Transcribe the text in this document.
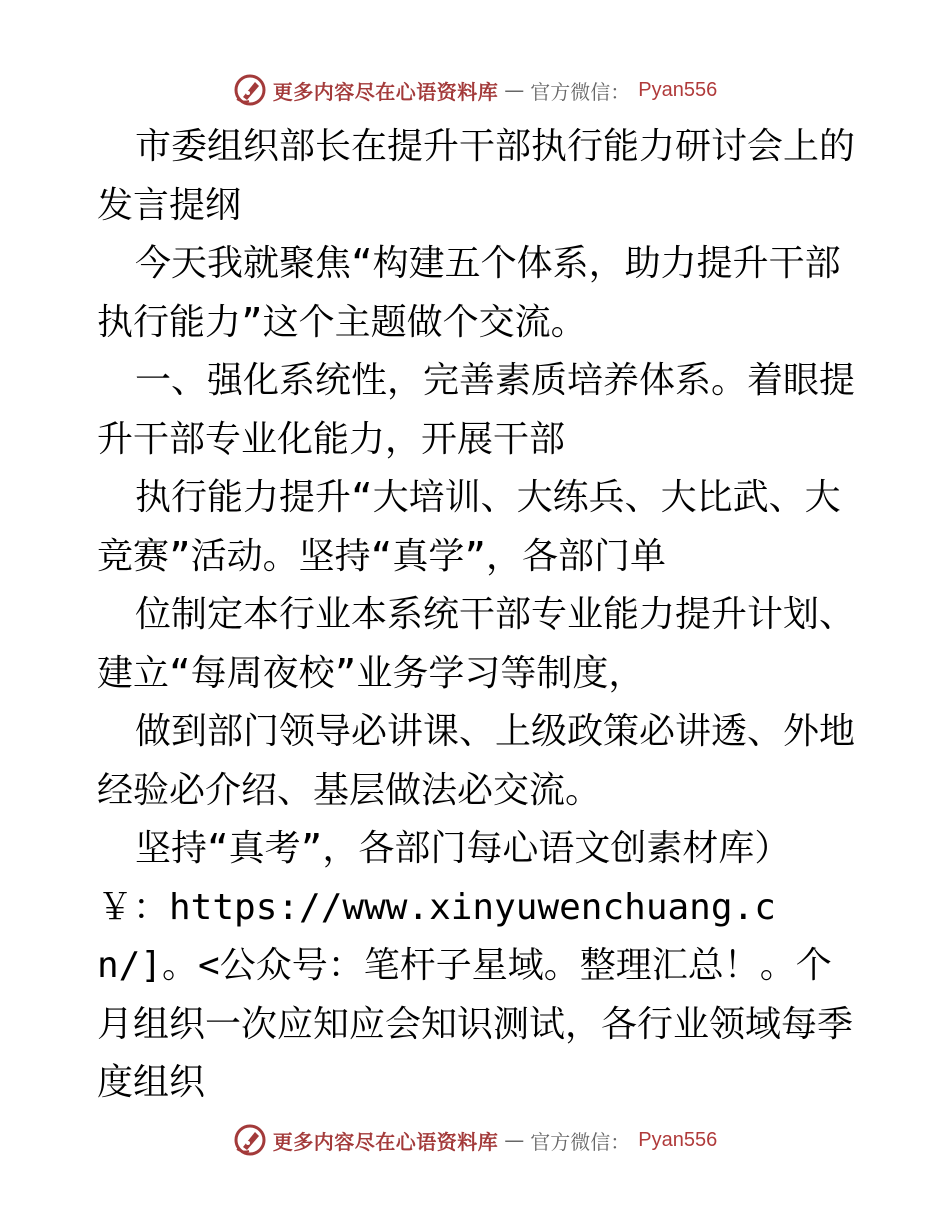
更多内容尽在心语资料库 — 官方微信： Pyan556

市委组织部长在提升干部执行能力研讨会上的发言提纲

今天我就聚焦“构建五个体系，助力提升干部执行能力”这个主题做个交流。

一、强化系统性，完善素质培养体系。着眼提升干部专业化能力，开展干部

执行能力提升“大培训、大练兵、大比武、大竞赛”活动。坚持“真学”，各部门单

位制定本行业本系统干部专业能力提升计划、建立“每周夜校”业务学习等制度，

做到部门领导必讲课、上级政策必讲透、外地经验必介绍、基层做法必交流。

坚持“真考”，各部门每心语文创素材库）￥：https://www.xinyuwenchuang.cn/]。<公众号：笔杆子星域。整理汇总！。个月组织一次应知应会知识测试，各行业领域每季度组织

更多内容尽在心语资料库 — 官方微信： Pyan556
